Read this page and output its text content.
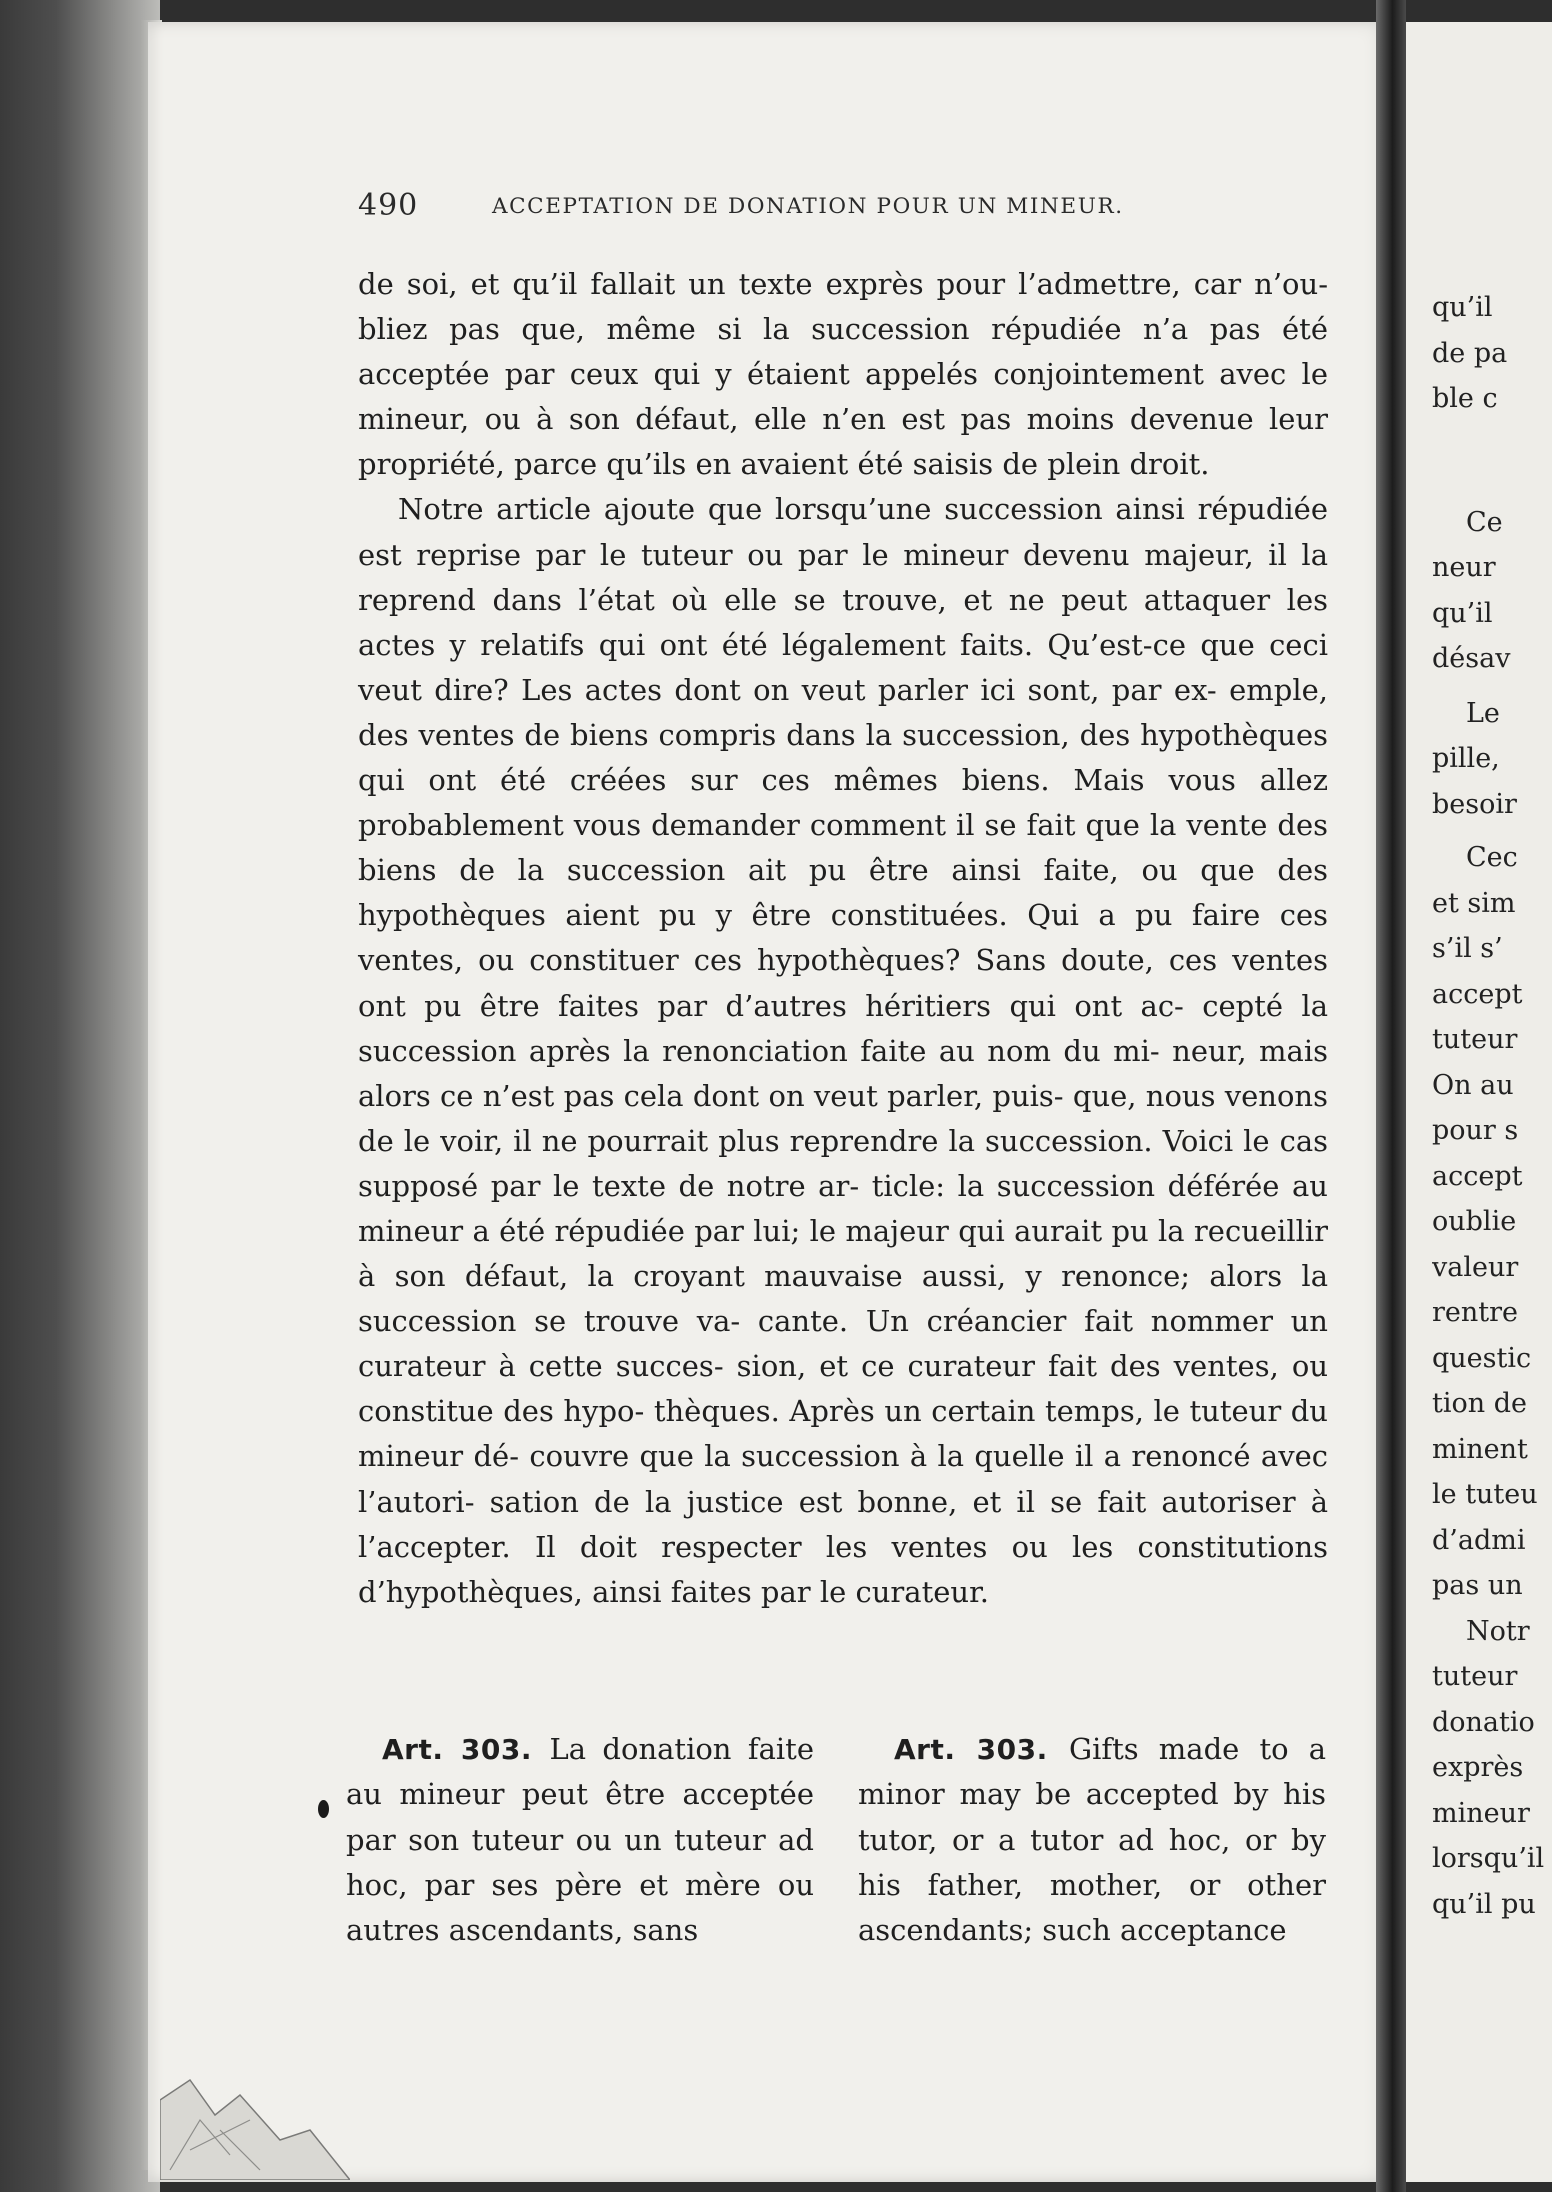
490	ACCEPTATION DE DONATION POUR UN MINEUR.

de soi, et qu’il fallait un texte exprès pour l’admettre, car n’ou- bliez pas que, même si la succession répudiée n’a pas été acceptée par ceux qui y étaient appelés conjointement avec le mineur, ou à son défaut, elle n’en est pas moins devenue leur propriété, parce qu’ils en avaient été saisis de plein droit.

Notre article ajoute que lorsqu’une succession ainsi répudiée est reprise par le tuteur ou par le mineur devenu majeur, il la reprend dans l’état où elle se trouve, et ne peut attaquer les actes y relatifs qui ont été légalement faits. Qu’est-ce que ceci veut dire? Les actes dont on veut parler ici sont, par ex- emple, des ventes de biens compris dans la succession, des hypothèques qui ont été créées sur ces mêmes biens. Mais vous allez probablement vous demander comment il se fait que la vente des biens de la succession ait pu être ainsi faite, ou que des hypothèques aient pu y être constituées. Qui a pu faire ces ventes, ou constituer ces hypothèques? Sans doute, ces ventes ont pu être faites par d’autres héritiers qui ont ac- cepté la succession après la renonciation faite au nom du mi- neur, mais alors ce n’est pas cela dont on veut parler, puis- que, nous venons de le voir, il ne pourrait plus reprendre la succession. Voici le cas supposé par le texte de notre ar- ticle: la succession déférée au mineur a été répudiée par lui; le majeur qui aurait pu la recueillir à son défaut, la croyant mauvaise aussi, y renonce; alors la succession se trouve va- cante. Un créancier fait nommer un curateur à cette succes- sion, et ce curateur fait des ventes, ou constitue des hypo- thèques. Après un certain temps, le tuteur du mineur dé- couvre que la succession à la quelle il a renoncé avec l’autori- sation de la justice est bonne, et il se fait autoriser à l’accepter. Il doit respecter les ventes ou les constitutions d’hypothèques, ainsi faites par le curateur.

Art. 303. La donation faite au mineur peut être acceptée par son tuteur ou un tuteur ad hoc, par ses père et mère ou autres ascendants, sans

Art. 303. Gifts made to a minor may be accepted by his tutor, or a tutor ad hoc, or by his father, mother, or other ascendants; such acceptance

qu’il
de pa
ble c
Ce
neur
qu’il
désav
Le
pille,
besoir
Cec
et sim
s’il s’
accept
tuteur
On au
pour s
accept
oublie
valeur
rentre
questic
tion de
minent
le tuteu
d’admi
pas un
Notr
tuteur
donatio
exprès
mineur
lorsqu’il
qu’il pu
